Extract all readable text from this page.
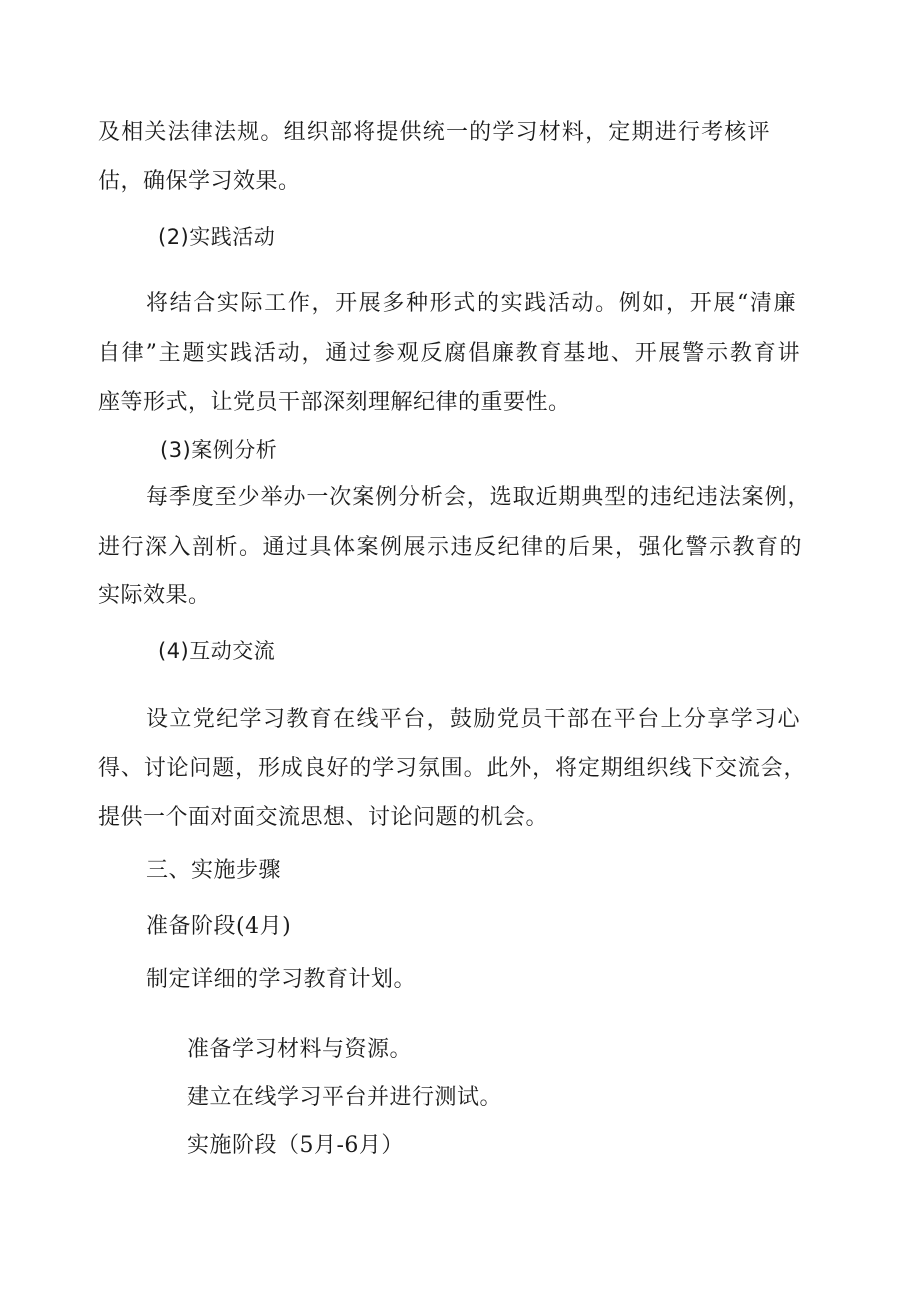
及相关法律法规。组织部将提供统一的学习材料，定期进行考核评
估，确保学习效果。
(2)实践活动
将结合实际工作，开展多种形式的实践活动。例如，开展“清廉
自律”主题实践活动，通过参观反腐倡廉教育基地、开展警示教育讲
座等形式，让党员干部深刻理解纪律的重要性。
(3)案例分析
每季度至少举办一次案例分析会，选取近期典型的违纪违法案例，
进行深入剖析。通过具体案例展示违反纪律的后果，强化警示教育的
实际效果。
(4)互动交流
设立党纪学习教育在线平台，鼓励党员干部在平台上分享学习心
得、讨论问题，形成良好的学习氛围。此外，将定期组织线下交流会，
提供一个面对面交流思想、讨论问题的机会。
三、实施步骤
准备阶段(4月)
制定详细的学习教育计划。
准备学习材料与资源。
建立在线学习平台并进行测试。
实施阶段（5月-6月）
